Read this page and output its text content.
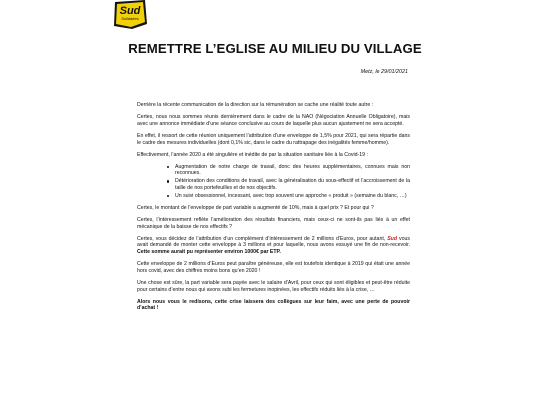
Sud
Solidaires
REMETTRE L’EGLISE AU MILIEU DU VILLAGE

Metz, le 29/01/2021

Derrière la récente communication de la direction sur la rémunération se cache une réalité toute autre :

Certes, nous nous sommes réunis dernièrement dans le cadre de la NAO (Négociation Annuelle Obligatoire), mais avec une annonce immédiate d’une séance conclusive au cours de laquelle plus aucun ajustement ne sera accepté.

En effet, il ressort de cette réunion uniquement l’attribution d’une enveloppe de 1,5% pour 2021, qui sera répartie dans le cadre des mesures individuelles (dont 0,1% sic, dans le cadre du rattrapage des inégalités femme/homme).

Effectivement, l’année 2020 a été singulière et inédite de par la situation sanitaire liée à la Covid-19 :

Augmentation de notre charge de travail, donc des heures supplémentaires, connues mais non reconnues.
Détérioration des conditions de travail, avec la généralisation du sous-effectif et l’accroissement de la taille de nos portefeuilles et de nos objectifs.
Un suivi obsessionnel, incessant, avec trop souvent une approche « produit » (semaine du blanc, …)

Certes, le montant de l’enveloppe de part variable a augmenté de 10%, mais à quel prix ? Et pour qui ?

Certes, l’intéressement reflète l’amélioration des résultats financiers, mais ceux-ci ne sont-ils pas liés à un effet mécanique de la baisse de nos effectifs ?

Certes, vous décidez de l’attribution d’un complément d’intéressement de 2 millions d’Euros, pour autant, Sud vous avait demandé de monter cette enveloppe à 3 millions et pour laquelle, nous avons essuyé une fin de non-recevoir. Cette somme aurait pu représenter environ 1000€ par ETP.

Cette enveloppe de 2 millions d’Euros peut paraître généreuse, elle est toutefois identique à 2019 qui était une année hors covid, avec des chiffres moins bons qu’en 2020 !

Une chose est sûre, la part variable sera payée avec le salaire d’Avril, pour ceux qui sont éligibles et peut-être réduite pour certains d’entre nous qui avons subi les fermetures inopinées, les effectifs réduits liés à la crise, …

Alors nous vous le redisons, cette crise laissera des collègues sur leur faim, avec une perte de pouvoir d’achat !
